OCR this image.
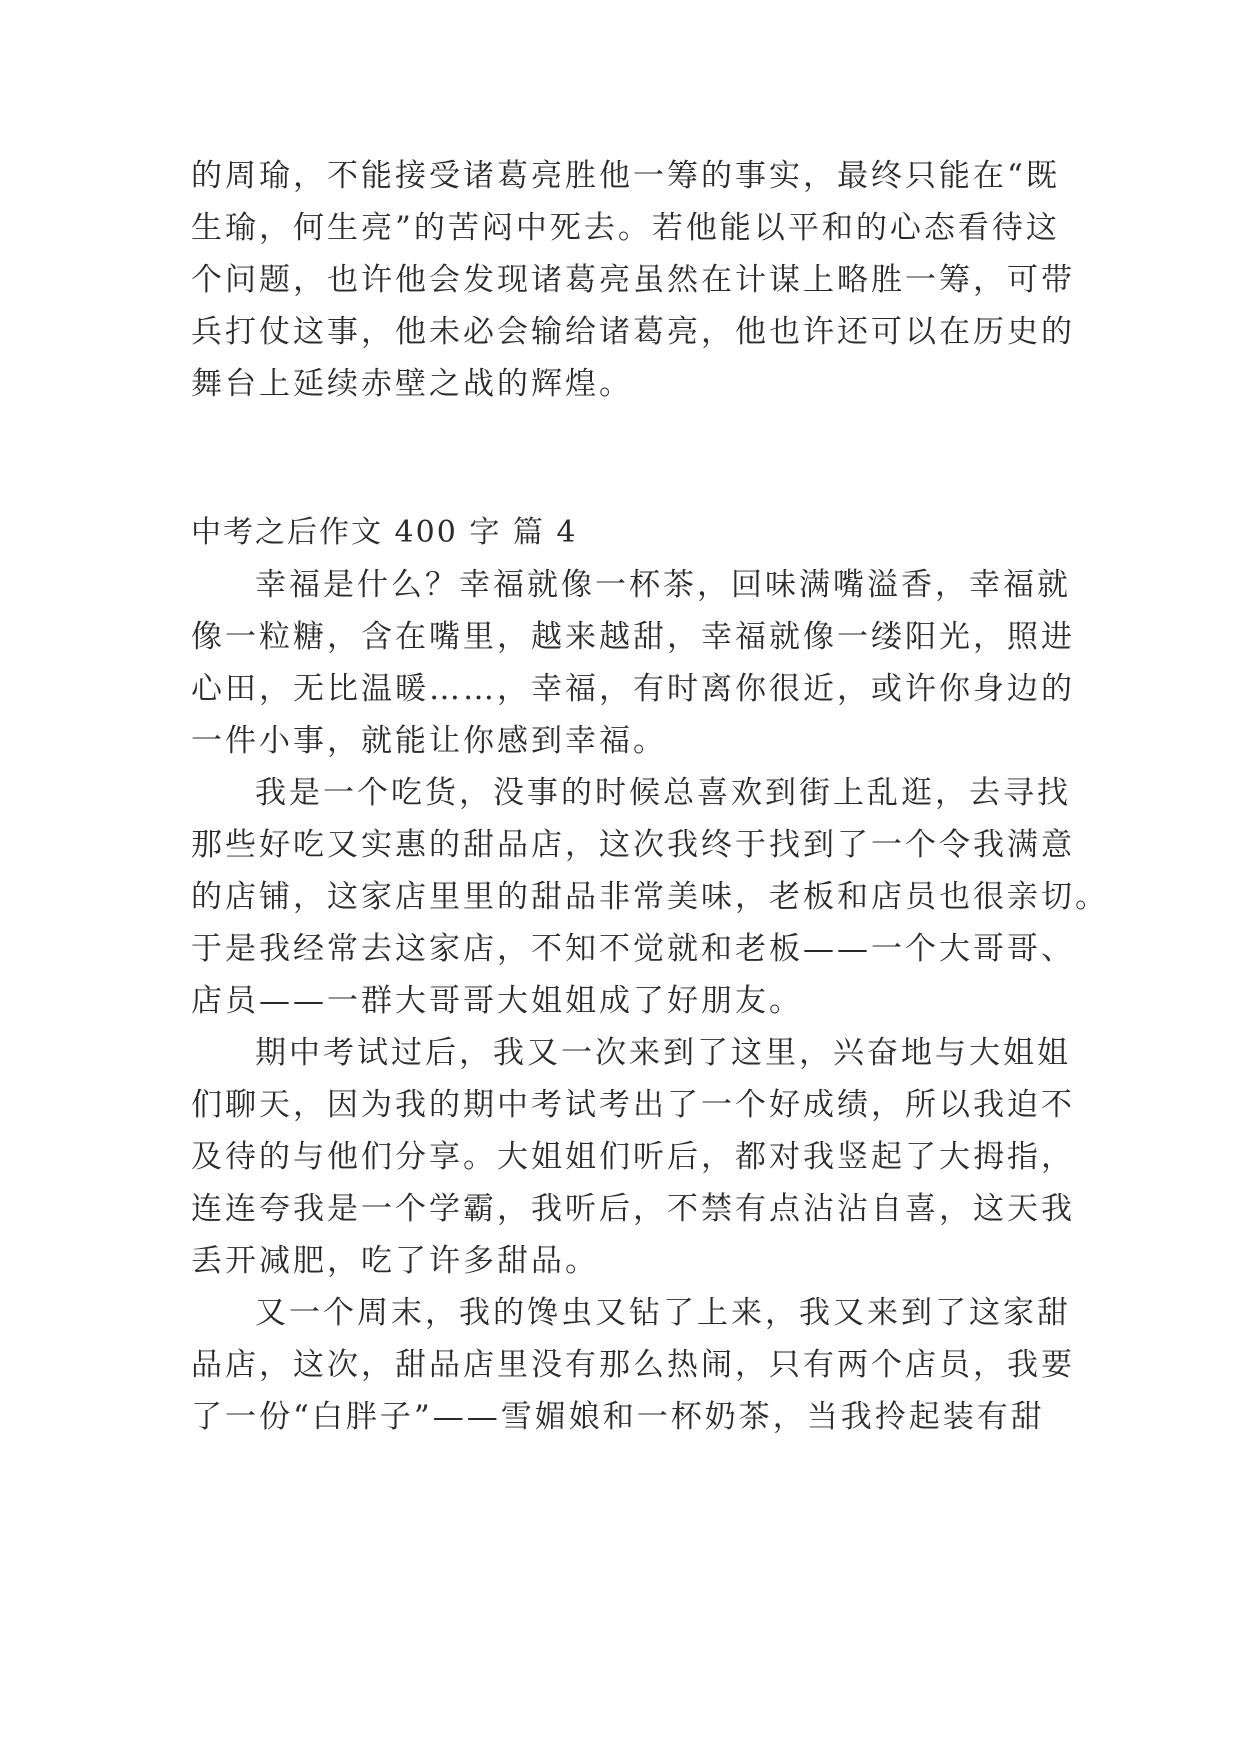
的周瑜，不能接受诸葛亮胜他一筹的事实，最终只能在“既
生瑜，何生亮”的苦闷中死去。若他能以平和的心态看待这
个问题，也许他会发现诸葛亮虽然在计谋上略胜一筹，可带
兵打仗这事，他未必会输给诸葛亮，他也许还可以在历史的
舞台上延续赤壁之战的辉煌。
中考之后作文 400 字 篇 4
幸福是什么？幸福就像一杯茶，回味满嘴溢香，幸福就
像一粒糖，含在嘴里，越来越甜，幸福就像一缕阳光，照进
心田，无比温暖……，幸福，有时离你很近，或许你身边的
一件小事，就能让你感到幸福。
我是一个吃货，没事的时候总喜欢到街上乱逛，去寻找
那些好吃又实惠的甜品店，这次我终于找到了一个令我满意
的店铺，这家店里里的甜品非常美味，老板和店员也很亲切。
于是我经常去这家店，不知不觉就和老板——一个大哥哥、
店员——一群大哥哥大姐姐成了好朋友。
期中考试过后，我又一次来到了这里，兴奋地与大姐姐
们聊天，因为我的期中考试考出了一个好成绩，所以我迫不
及待的与他们分享。大姐姐们听后，都对我竖起了大拇指，
连连夸我是一个学霸，我听后，不禁有点沾沾自喜，这天我
丢开减肥，吃了许多甜品。
又一个周末，我的馋虫又钻了上来，我又来到了这家甜
品店，这次，甜品店里没有那么热闹，只有两个店员，我要
了一份“白胖子”——雪媚娘和一杯奶茶，当我拎起装有甜
